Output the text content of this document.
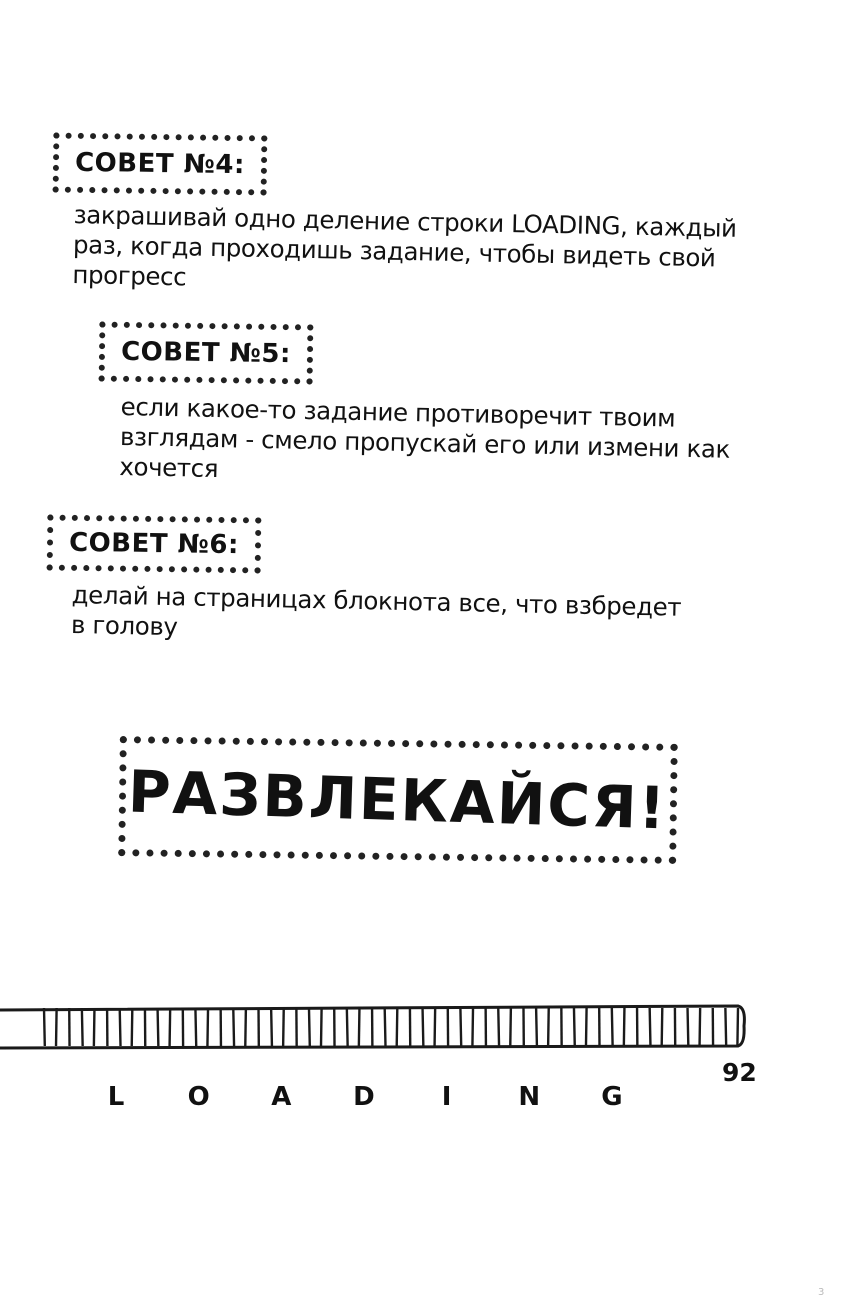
СОВЕТ №4:
закрашивай одно деление строки LOADING, каждый
раз, когда проходишь задание, чтобы видеть свой
прогресс
СОВЕТ №5:
если какое-то задание противоречит твоим
взглядам - смело пропускай его или измени как
хочется
СОВЕТ №6:
делай на страницах блокнота все, что взбредет
в голову
РАЗВЛЕКАЙСЯ!
L O A D	I	N G
92
3
